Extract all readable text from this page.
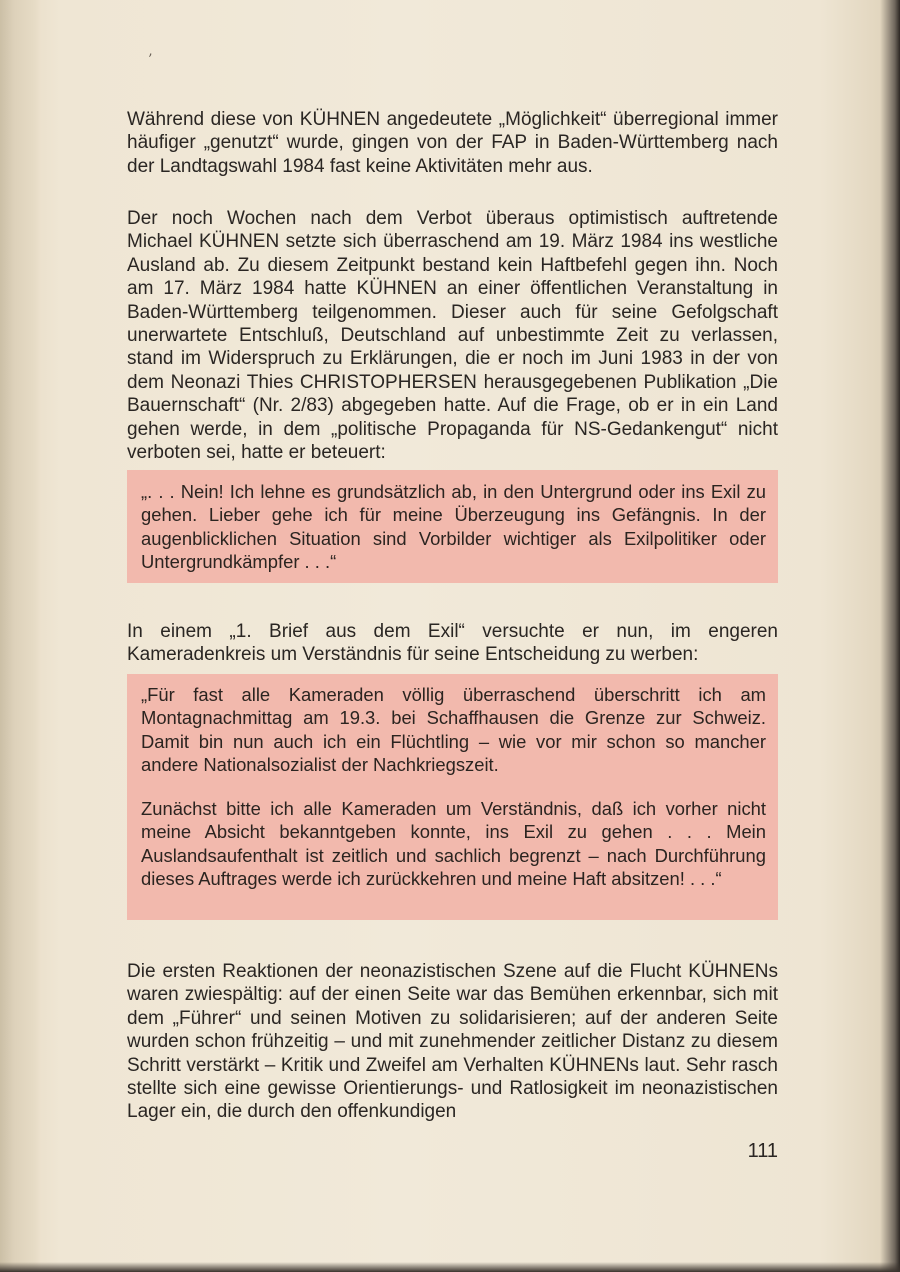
’

Während diese von KÜHNEN angedeutete „Möglichkeit“ überregional immer häufiger „genutzt“ wurde, gingen von der FAP in Baden-Württemberg nach der Landtagswahl 1984 fast keine Aktivitäten mehr aus.

Der noch Wochen nach dem Verbot überaus optimistisch auftretende Michael KÜHNEN setzte sich überraschend am 19. März 1984 ins westliche Ausland ab. Zu diesem Zeitpunkt bestand kein Haftbefehl gegen ihn. Noch am 17. März 1984 hatte KÜHNEN an einer öffentlichen Veranstaltung in Baden-Württemberg teilgenommen. Dieser auch für seine Gefolgschaft unerwartete Entschluß, Deutschland auf unbestimmte Zeit zu verlassen, stand im Widerspruch zu Erklärungen, die er noch im Juni 1983 in der von dem Neonazi Thies CHRISTOPHERSEN herausgegebenen Publikation „Die Bauernschaft“ (Nr. 2/83) abgegeben hatte. Auf die Frage, ob er in ein Land gehen werde, in dem „politische Propaganda für NS-Gedankengut“ nicht verboten sei, hatte er beteuert:

„. . . Nein! Ich lehne es grundsätzlich ab, in den Untergrund oder ins Exil zu gehen. Lieber gehe ich für meine Überzeugung ins Gefängnis. In der augenblicklichen Situation sind Vorbilder wichtiger als Exilpolitiker oder Untergrundkämpfer . . .“

In einem „1. Brief aus dem Exil“ versuchte er nun, im engeren Kameradenkreis um Verständnis für seine Entscheidung zu werben:

„Für fast alle Kameraden völlig überraschend überschritt ich am Montagnachmittag am 19.3. bei Schaffhausen die Grenze zur Schweiz. Damit bin nun auch ich ein Flüchtling – wie vor mir schon so mancher andere Nationalsozialist der Nachkriegszeit.

Zunächst bitte ich alle Kameraden um Verständnis, daß ich vorher nicht meine Absicht bekanntgeben konnte, ins Exil zu gehen . . . Mein Auslandsaufenthalt ist zeitlich und sachlich begrenzt – nach Durchführung dieses Auftrages werde ich zurückkehren und meine Haft absitzen! . . .“

Die ersten Reaktionen der neonazistischen Szene auf die Flucht KÜHNENs waren zwiespältig: auf der einen Seite war das Bemühen erkennbar, sich mit dem „Führer“ und seinen Motiven zu solidarisieren; auf der anderen Seite wurden schon frühzeitig – und mit zunehmender zeitlicher Distanz zu diesem Schritt verstärkt – Kritik und Zweifel am Verhalten KÜHNENs laut. Sehr rasch stellte sich eine gewisse Orientierungs- und Ratlosigkeit im neonazistischen Lager ein, die durch den offenkundigen

111
